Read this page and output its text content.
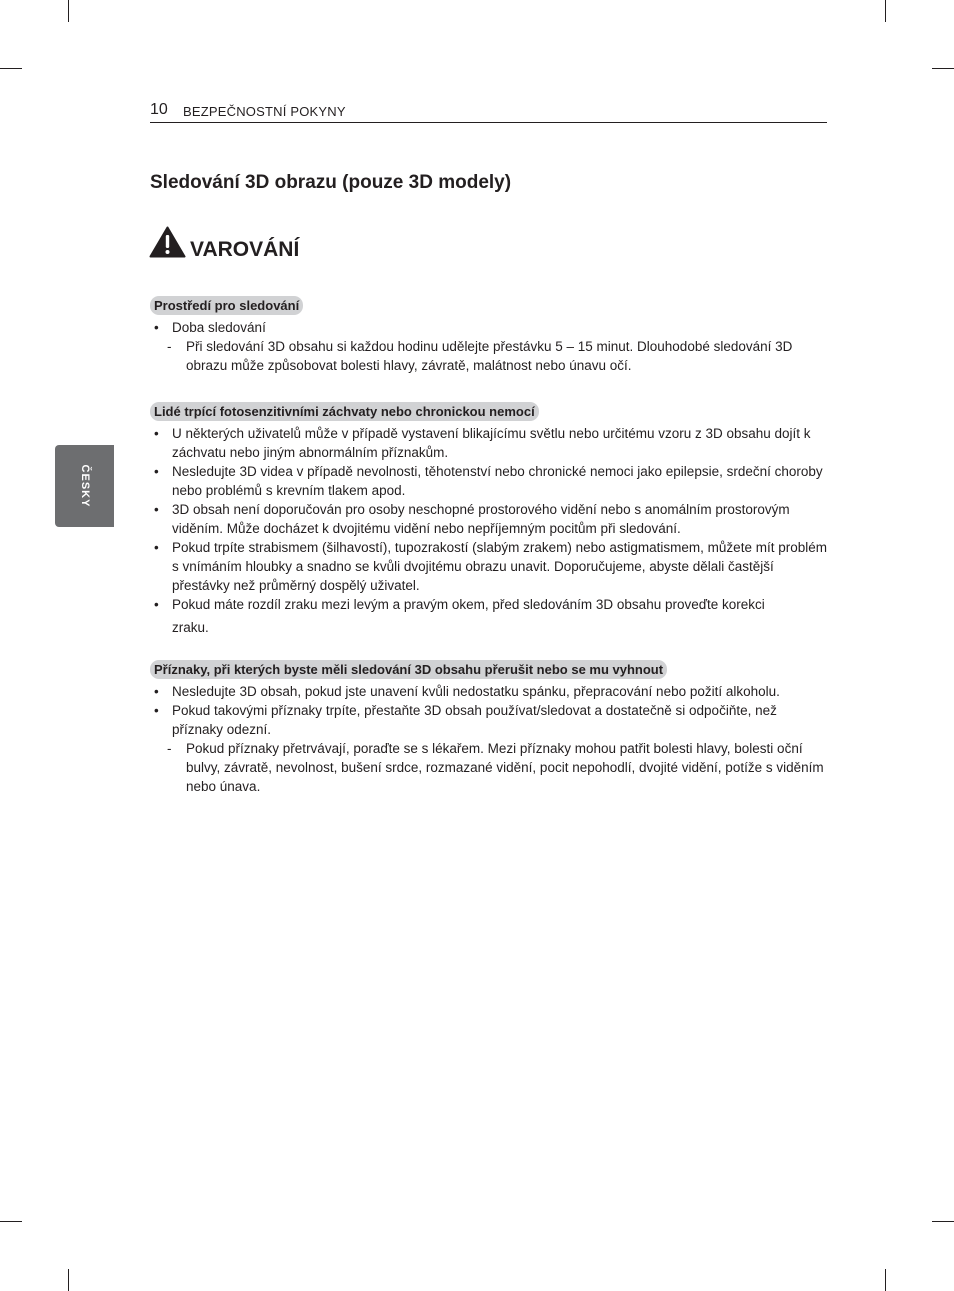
10 BEZPEČNOSTNÍ POKYNY
ČESKY
Sledování 3D obrazu (pouze 3D modely)
VAROVÁNÍ
Prostředí pro sledování
• Doba sledování
- Při sledování 3D obsahu si každou hodinu udělejte přestávku 5 – 15 minut. Dlouhodobé sledování 3D obrazu může způsobovat bolesti hlavy, závratě, malátnost nebo únavu očí.
Lidé trpící fotosenzitivními záchvaty nebo chronickou nemocí
• U některých uživatelů může v případě vystavení blikajícímu světlu nebo určitému vzoru z 3D obsahu dojít k záchvatu nebo jiným abnormálním příznakům.
• Nesledujte 3D videa v případě nevolnosti, těhotenství nebo chronické nemoci jako epilepsie, srdeční choroby nebo problémů s krevním tlakem apod.
• 3D obsah není doporučován pro osoby neschopné prostorového vidění nebo s anomálním prostorovým viděním. Může docházet k dvojitému vidění nebo nepříjemným pocitům při sledování.
• Pokud trpíte strabismem (šilhavostí), tupozrakostí (slabým zrakem) nebo astigmatismem, můžete mít problém s vnímáním hloubky a snadno se kvůli dvojitému obrazu unavit. Doporučujeme, abyste dělali častější přestávky než průměrný dospělý uživatel.
• Pokud máte rozdíl zraku mezi levým a pravým okem, před sledováním 3D obsahu proveďte korekci
zraku.
Příznaky, při kterých byste měli sledování 3D obsahu přerušit nebo se mu vyhnout
• Nesledujte 3D obsah, pokud jste unavení kvůli nedostatku spánku, přepracování nebo požití alkoholu.
• Pokud takovými příznaky trpíte, přestaňte 3D obsah používat/sledovat a dostatečně si odpočiňte, než příznaky odezní.
- Pokud příznaky přetrvávají, poraďte se s lékařem. Mezi příznaky mohou patřit bolesti hlavy, bolesti oční bulvy, závratě, nevolnost, bušení srdce, rozmazané vidění, pocit nepohodlí, dvojité vidění, potíže s viděním nebo únava.
